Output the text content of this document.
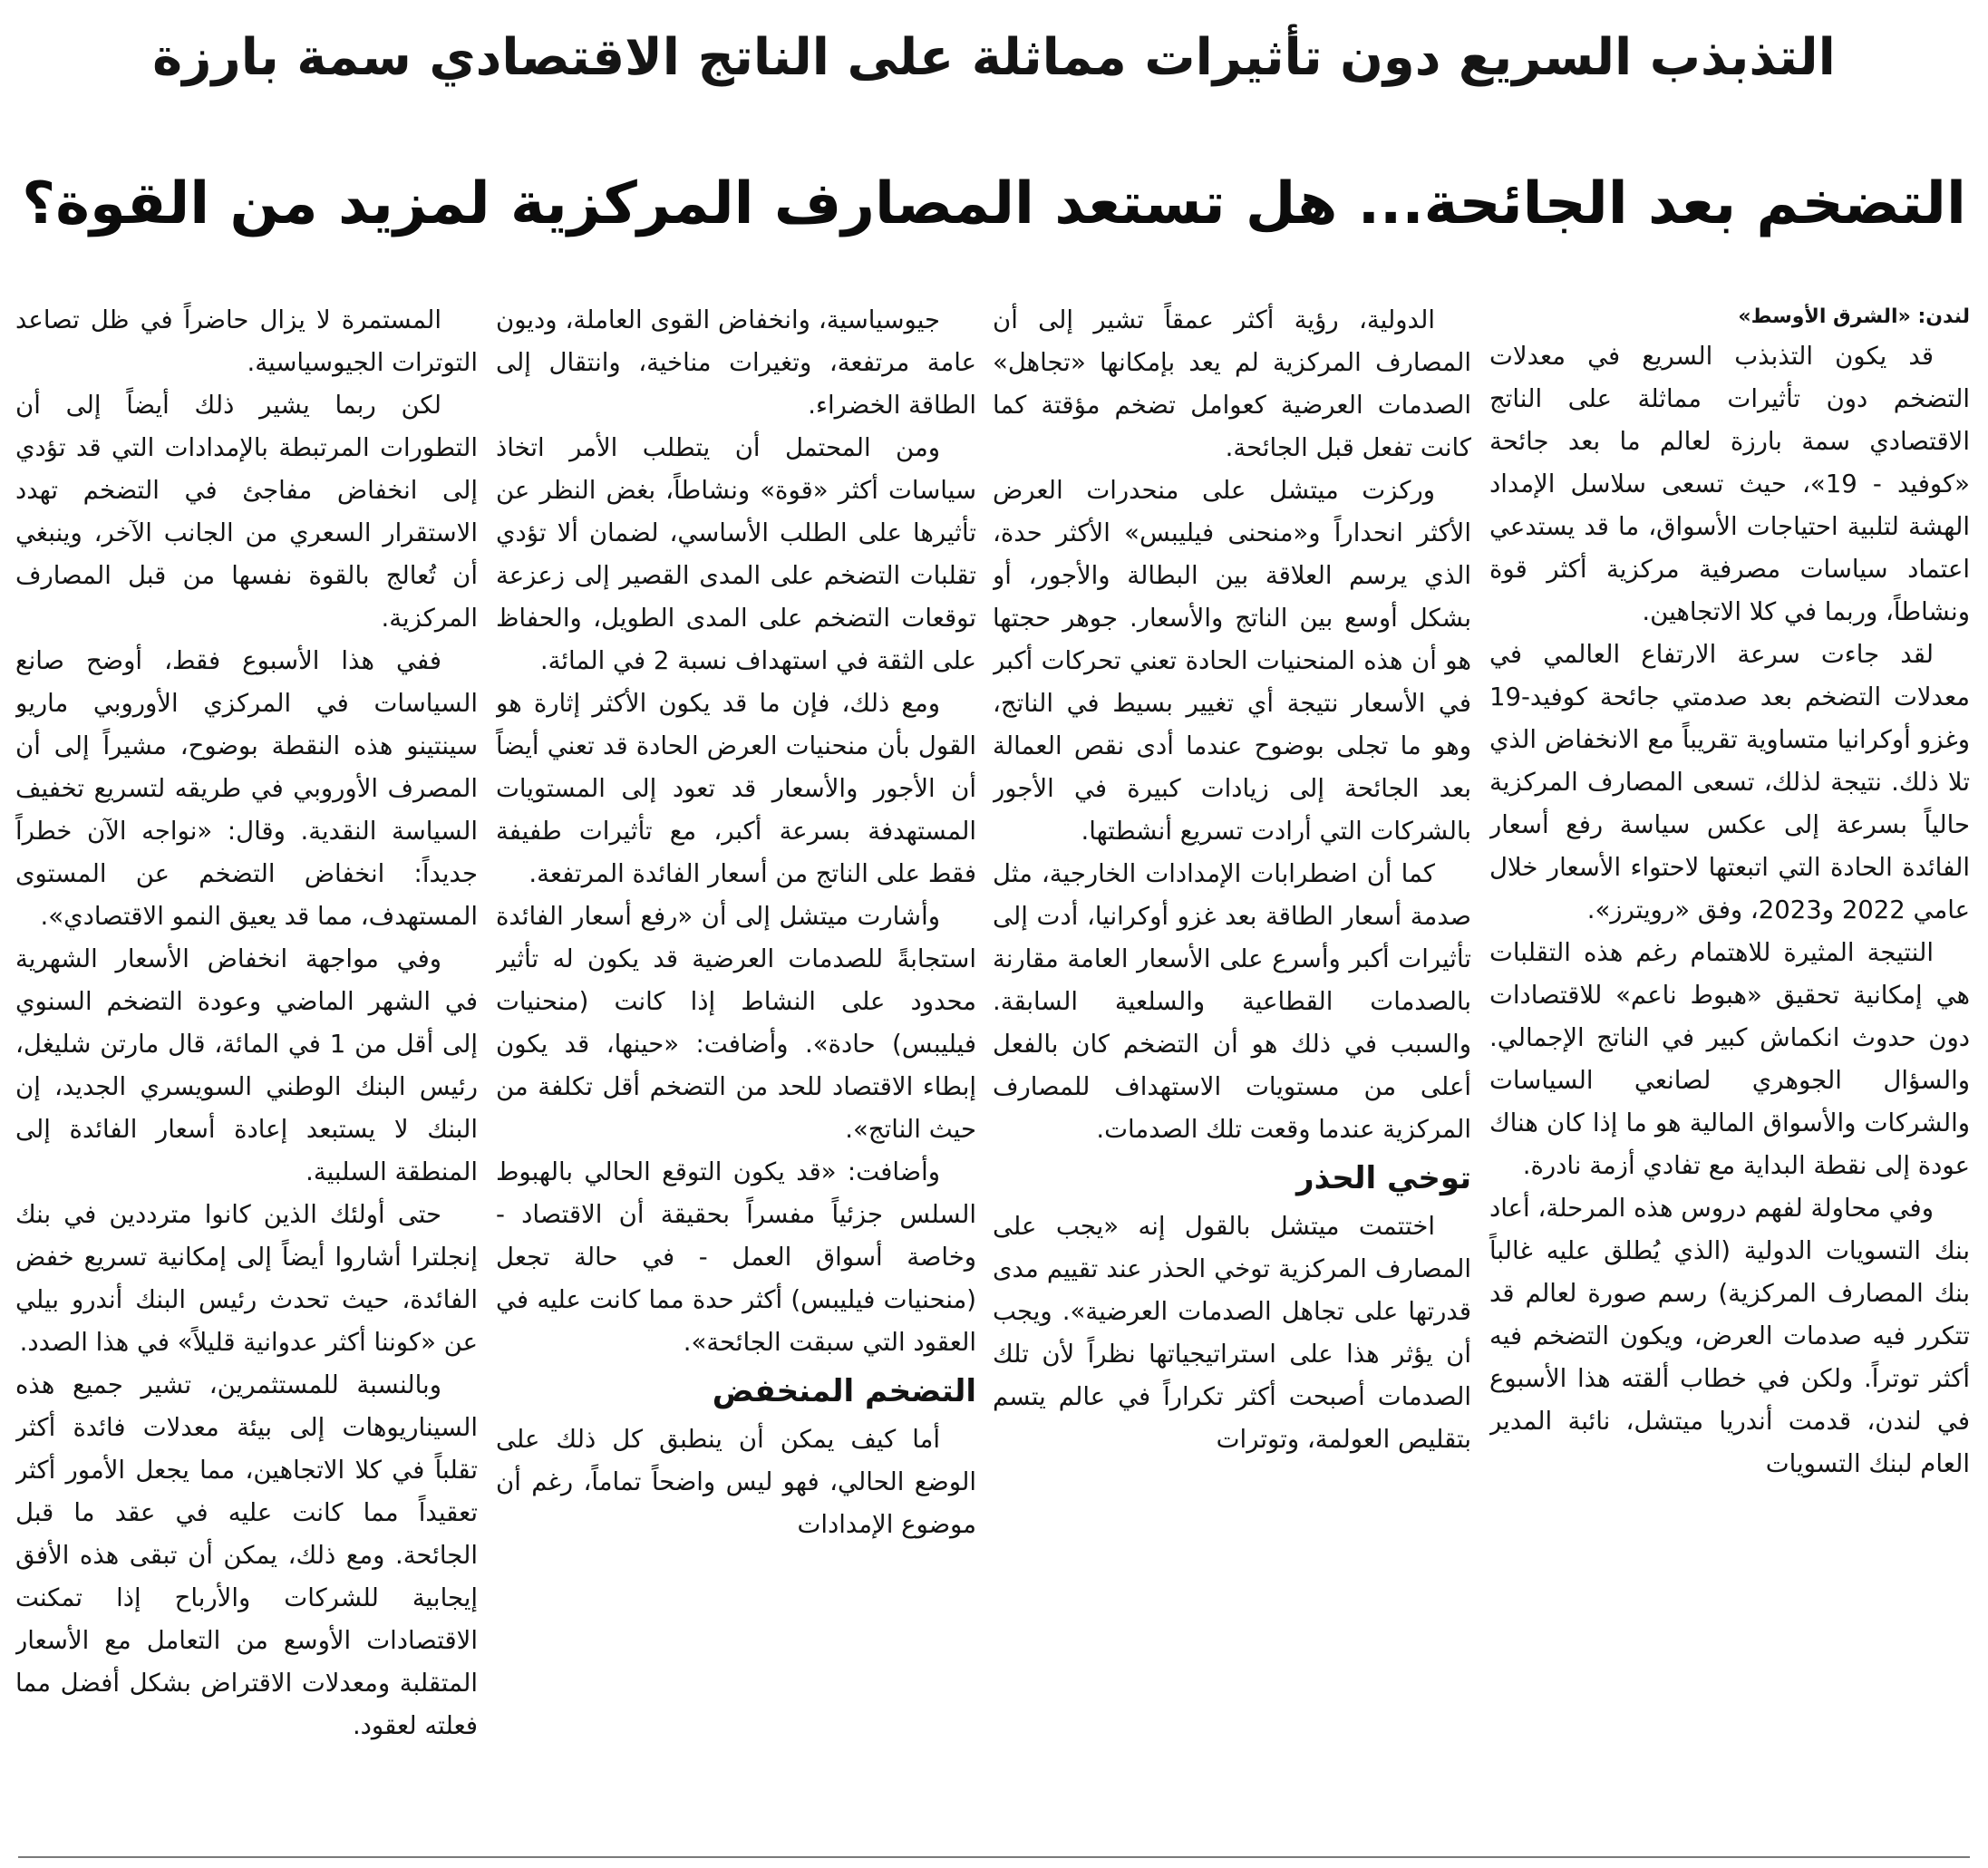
التذبذب السريع دون تأثيرات مماثلة على الناتج الاقتصادي سمة بارزة
التضخم بعد الجائحة... هل تستعد المصارف المركزية لمزيد من القوة؟

لندن: «الشرق الأوسط»

قد يكون التذبذب السريع في معدلات التضخم دون تأثيرات مماثلة على الناتج الاقتصادي سمة بارزة لعالم ما بعد جائحة «كوفيد - 19»، حيث تسعى سلاسل الإمداد الهشة لتلبية احتياجات الأسواق، ما قد يستدعي اعتماد سياسات مصرفية مركزية أكثر قوة ونشاطاً، وربما في كلا الاتجاهين.

لقد جاءت سرعة الارتفاع العالمي في معدلات التضخم بعد صدمتي جائحة كوفيد-19 وغزو أوكرانيا متساوية تقريباً مع الانخفاض الذي تلا ذلك. نتيجة لذلك، تسعى المصارف المركزية حالياً بسرعة إلى عكس سياسة رفع أسعار الفائدة الحادة التي اتبعتها لاحتواء الأسعار خلال عامي 2022 و2023، وفق «رويترز».

النتيجة المثيرة للاهتمام رغم هذه التقلبات هي إمكانية تحقيق «هبوط ناعم» للاقتصادات دون حدوث انكماش كبير في الناتج الإجمالي. والسؤال الجوهري لصانعي السياسات والشركات والأسواق المالية هو ما إذا كان هناك عودة إلى نقطة البداية مع تفادي أزمة نادرة.

وفي محاولة لفهم دروس هذه المرحلة، أعاد بنك التسويات الدولية (الذي يُطلق عليه غالباً بنك المصارف المركزية) رسم صورة لعالم قد تتكرر فيه صدمات العرض، ويكون التضخم فيه أكثر توتراً. ولكن في خطاب ألقته هذا الأسبوع في لندن، قدمت أندريا ميتشل، نائبة المدير العام لبنك التسويات

الدولية، رؤية أكثر عمقاً تشير إلى أن المصارف المركزية لم يعد بإمكانها «تجاهل» الصدمات العرضية كعوامل تضخم مؤقتة كما كانت تفعل قبل الجائحة.

وركزت ميتشل على منحدرات العرض الأكثر انحداراً و«منحنى فيليبس» الأكثر حدة، الذي يرسم العلاقة بين البطالة والأجور، أو بشكل أوسع بين الناتج والأسعار. جوهر حجتها هو أن هذه المنحنيات الحادة تعني تحركات أكبر في الأسعار نتيجة أي تغيير بسيط في الناتج، وهو ما تجلى بوضوح عندما أدى نقص العمالة بعد الجائحة إلى زيادات كبيرة في الأجور بالشركات التي أرادت تسريع أنشطتها.

كما أن اضطرابات الإمدادات الخارجية، مثل صدمة أسعار الطاقة بعد غزو أوكرانيا، أدت إلى تأثيرات أكبر وأسرع على الأسعار العامة مقارنة بالصدمات القطاعية والسلعية السابقة. والسبب في ذلك هو أن التضخم كان بالفعل أعلى من مستويات الاستهداف للمصارف المركزية عندما وقعت تلك الصدمات.

توخي الحذر

اختتمت ميتشل بالقول إنه «يجب على المصارف المركزية توخي الحذر عند تقييم مدى قدرتها على تجاهل الصدمات العرضية». ويجب أن يؤثر هذا على استراتيجياتها نظراً لأن تلك الصدمات أصبحت أكثر تكراراً في عالم يتسم بتقليص العولمة، وتوترات

جيوسياسية، وانخفاض القوى العاملة، وديون عامة مرتفعة، وتغيرات مناخية، وانتقال إلى الطاقة الخضراء.

ومن المحتمل أن يتطلب الأمر اتخاذ سياسات أكثر «قوة» ونشاطاً، بغض النظر عن تأثيرها على الطلب الأساسي، لضمان ألا تؤدي تقلبات التضخم على المدى القصير إلى زعزعة توقعات التضخم على المدى الطويل، والحفاظ على الثقة في استهداف نسبة 2 في المائة.

ومع ذلك، فإن ما قد يكون الأكثر إثارة هو القول بأن منحنيات العرض الحادة قد تعني أيضاً أن الأجور والأسعار قد تعود إلى المستويات المستهدفة بسرعة أكبر، مع تأثيرات طفيفة فقط على الناتج من أسعار الفائدة المرتفعة.

وأشارت ميتشل إلى أن «رفع أسعار الفائدة استجابةً للصدمات العرضية قد يكون له تأثير محدود على النشاط إذا كانت (منحنيات فيليبس) حادة». وأضافت: «حينها، قد يكون إبطاء الاقتصاد للحد من التضخم أقل تكلفة من حيث الناتج».

وأضافت: «قد يكون التوقع الحالي بالهبوط السلس جزئياً مفسراً بحقيقة أن الاقتصاد - وخاصة أسواق العمل - في حالة تجعل (منحنيات فيليبس) أكثر حدة مما كانت عليه في العقود التي سبقت الجائحة».

التضخم المنخفض

أما كيف يمكن أن ينطبق كل ذلك على الوضع الحالي، فهو ليس واضحاً تماماً، رغم أن موضوع الإمدادات

المستمرة لا يزال حاضراً في ظل تصاعد التوترات الجيوسياسية.

لكن ربما يشير ذلك أيضاً إلى أن التطورات المرتبطة بالإمدادات التي قد تؤدي إلى انخفاض مفاجئ في التضخم تهدد الاستقرار السعري من الجانب الآخر، وينبغي أن تُعالج بالقوة نفسها من قبل المصارف المركزية.

ففي هذا الأسبوع فقط، أوضح صانع السياسات في المركزي الأوروبي ماريو سينتينو هذه النقطة بوضوح، مشيراً إلى أن المصرف الأوروبي في طريقه لتسريع تخفيف السياسة النقدية. وقال: «نواجه الآن خطراً جديداً: انخفاض التضخم عن المستوى المستهدف، مما قد يعيق النمو الاقتصادي».

وفي مواجهة انخفاض الأسعار الشهرية في الشهر الماضي وعودة التضخم السنوي إلى أقل من 1 في المائة، قال مارتن شليغل، رئيس البنك الوطني السويسري الجديد، إن البنك لا يستبعد إعادة أسعار الفائدة إلى المنطقة السلبية.

حتى أولئك الذين كانوا مترددين في بنك إنجلترا أشاروا أيضاً إلى إمكانية تسريع خفض الفائدة، حيث تحدث رئيس البنك أندرو بيلي عن «كوننا أكثر عدوانية قليلاً» في هذا الصدد.

وبالنسبة للمستثمرين، تشير جميع هذه السيناريوهات إلى بيئة معدلات فائدة أكثر تقلباً في كلا الاتجاهين، مما يجعل الأمور أكثر تعقيداً مما كانت عليه في عقد ما قبل الجائحة. ومع ذلك، يمكن أن تبقى هذه الأفق إيجابية للشركات والأرباح إذا تمكنت الاقتصادات الأوسع من التعامل مع الأسعار المتقلبة ومعدلات الاقتراض بشكل أفضل مما فعلته لعقود.
